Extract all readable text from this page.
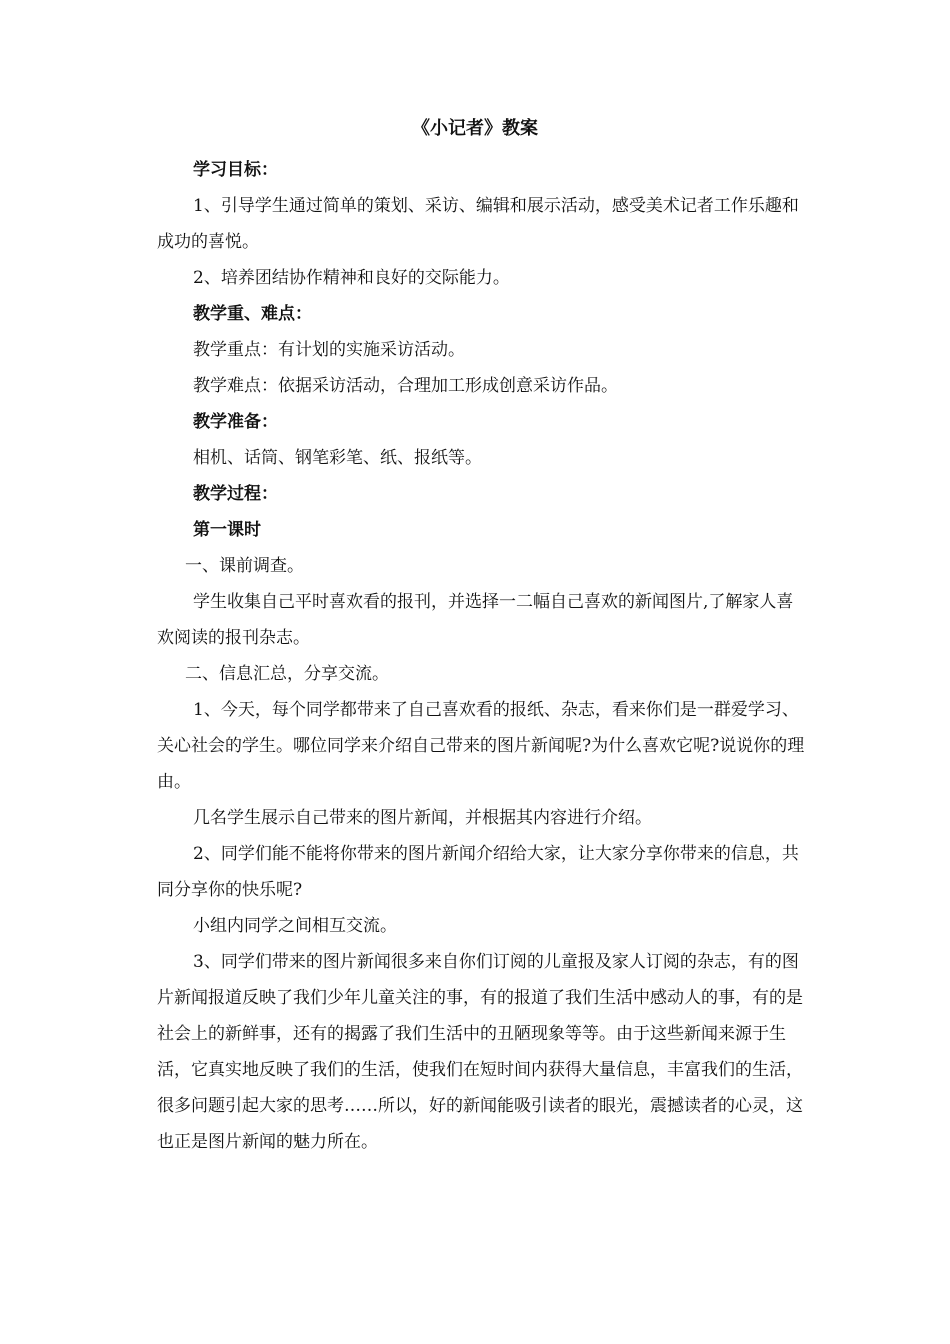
《小记者》教案

学习目标：

1、引导学生通过简单的策划、采访、编辑和展示活动，感受美术记者工作乐趣和成功的喜悦。

2、培养团结协作精神和良好的交际能力。

教学重、难点：

教学重点：有计划的实施采访活动。

教学难点：依据采访活动，合理加工形成创意采访作品。

教学准备：

相机、话筒、钢笔彩笔、纸、报纸等。

教学过程：

第一课时

一、课前调查。

学生收集自己平时喜欢看的报刊，并选择一二幅自己喜欢的新闻图片,了解家人喜欢阅读的报刊杂志。

二、信息汇总，分享交流。

1、今天，每个同学都带来了自己喜欢看的报纸、杂志，看来你们是一群爱学习、关心社会的学生。哪位同学来介绍自己带来的图片新闻呢?为什么喜欢它呢?说说你的理由。

几名学生展示自己带来的图片新闻，并根据其内容进行介绍。

2、同学们能不能将你带来的图片新闻介绍给大家，让大家分享你带来的信息，共同分享你的快乐呢?

小组内同学之间相互交流。

3、同学们带来的图片新闻很多来自你们订阅的儿童报及家人订阅的杂志，有的图片新闻报道反映了我们少年儿童关注的事，有的报道了我们生活中感动人的事，有的是社会上的新鲜事，还有的揭露了我们生活中的丑陋现象等等。由于这些新闻来源于生活，它真实地反映了我们的生活，使我们在短时间内获得大量信息，丰富我们的生活，很多问题引起大家的思考……所以，好的新闻能吸引读者的眼光，震撼读者的心灵，这也正是图片新闻的魅力所在。
